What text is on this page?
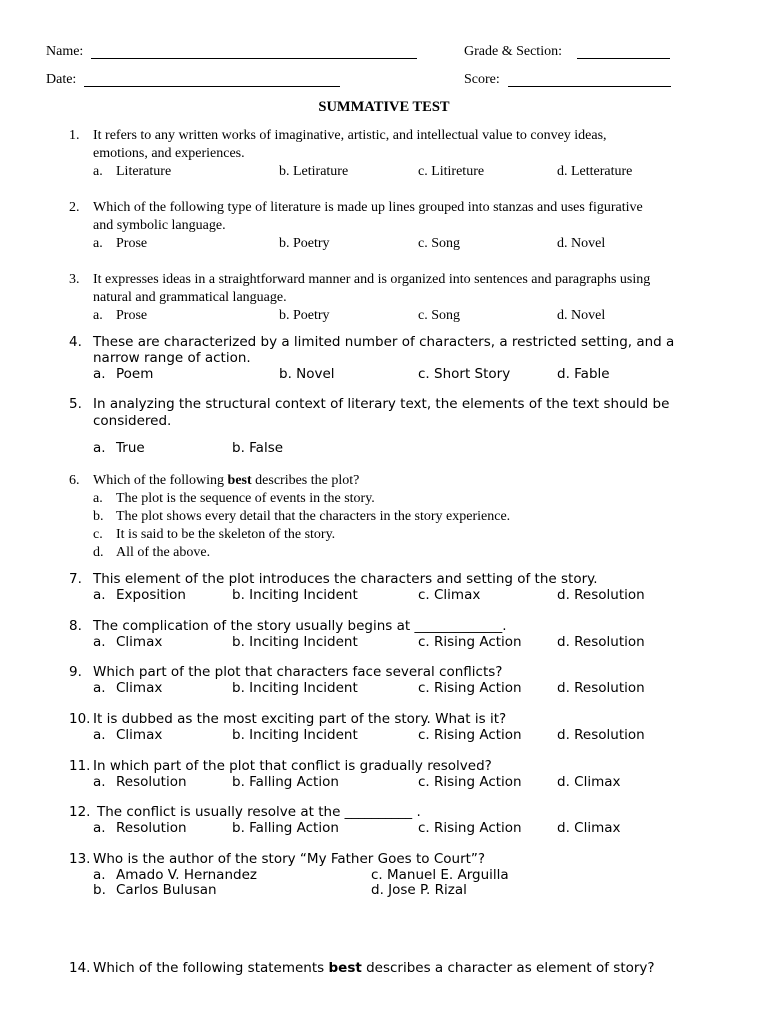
Name:	Grade & Section:
Date:	Score:
SUMMATIVE TEST
1. It refers to any written works of imaginative, artistic, and intellectual value to convey ideas,
emotions, and experiences.
a. Literature	b. Letirature	c. Litireture	d. Letterature
2. Which of the following type of literature is made up lines grouped into stanzas and uses figurative
and symbolic language.
a. Prose	b. Poetry	c. Song	d. Novel
3. It expresses ideas in a straightforward manner and is organized into sentences and paragraphs using
natural and grammatical language.
a. Prose	b. Poetry	c. Song	d. Novel
4. These are characterized by a limited number of characters, a restricted setting, and a
narrow range of action.
a. Poem	b. Novel	c. Short Story	d. Fable
5. In analyzing the structural context of literary text, the elements of the text should be
considered.
a. True	b. False
6. Which of the following best describes the plot?
a. The plot is the sequence of events in the story.
b. The plot shows every detail that the characters in the story experience.
c. It is said to be the skeleton of the story.
d. All of the above.
7. This element of the plot introduces the characters and setting of the story.
a. Exposition	b. Inciting Incident	c. Climax	d. Resolution
8. The complication of the story usually begins at _____________.
a. Climax	b. Inciting Incident	c. Rising Action	d. Resolution
9. Which part of the plot that characters face several conflicts?
a. Climax	b. Inciting Incident	c. Rising Action	d. Resolution
10. It is dubbed as the most exciting part of the story. What is it?
a. Climax	b. Inciting Incident	c. Rising Action	d. Resolution
11. In which part of the plot that conflict is gradually resolved?
a. Resolution	b. Falling Action	c. Rising Action	d. Climax
12. The conflict is usually resolve at the __________ .
a. Resolution	b. Falling Action	c. Rising Action	d. Climax
13. Who is the author of the story “My Father Goes to Court”?
a. Amado V. Hernandez	c. Manuel E. Arguilla
b. Carlos Bulusan	d. Jose P. Rizal
14. Which of the following statements best describes a character as element of story?
